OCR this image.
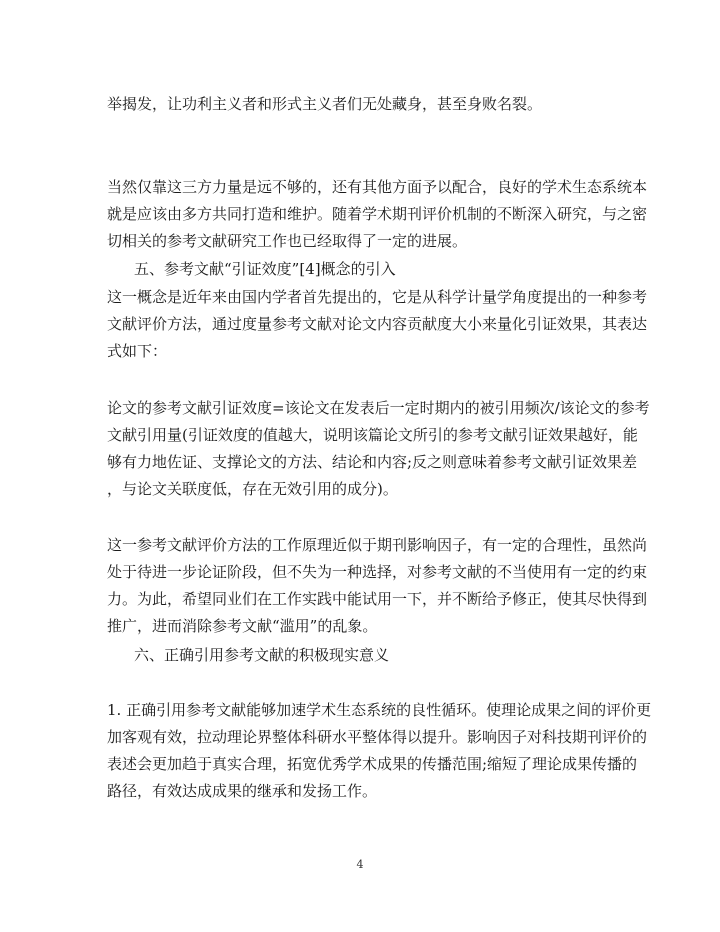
举揭发，让功利主义者和形式主义者们无处藏身，甚至身败名裂。
当然仅靠这三方力量是远不够的，还有其他方面予以配合，良好的学术生态系统本
就是应该由多方共同打造和维护。随着学术期刊评价机制的不断深入研究，与之密
切相关的参考文献研究工作也已经取得了一定的进展。
五、参考文献“引证效度”[4]概念的引入
这一概念是近年来由国内学者首先提出的，它是从科学计量学角度提出的一种参考
文献评价方法，通过度量参考文献对论文内容贡献度大小来量化引证效果，其表达
式如下：
论文的参考文献引证效度=该论文在发表后一定时期内的被引用频次/该论文的参考
文献引用量(引证效度的值越大，说明该篇论文所引的参考文献引证效果越好，能
够有力地佐证、支撑论文的方法、结论和内容;反之则意味着参考文献引证效果差
，与论文关联度低，存在无效引用的成分)。
这一参考文献评价方法的工作原理近似于期刊影响因子，有一定的合理性，虽然尚
处于待进一步论证阶段，但不失为一种选择，对参考文献的不当使用有一定的约束
力。为此，希望同业们在工作实践中能试用一下，并不断给予修正，使其尽快得到
推广，进而消除参考文献“滥用”的乱象。
六、正确引用参考文献的积极现实意义
1. 正确引用参考文献能够加速学术生态系统的良性循环。使理论成果之间的评价更
加客观有效，拉动理论界整体科研水平整体得以提升。影响因子对科技期刊评价的
表述会更加趋于真实合理，拓宽优秀学术成果的传播范围;缩短了理论成果传播的
路径，有效达成成果的继承和发扬工作。
4
